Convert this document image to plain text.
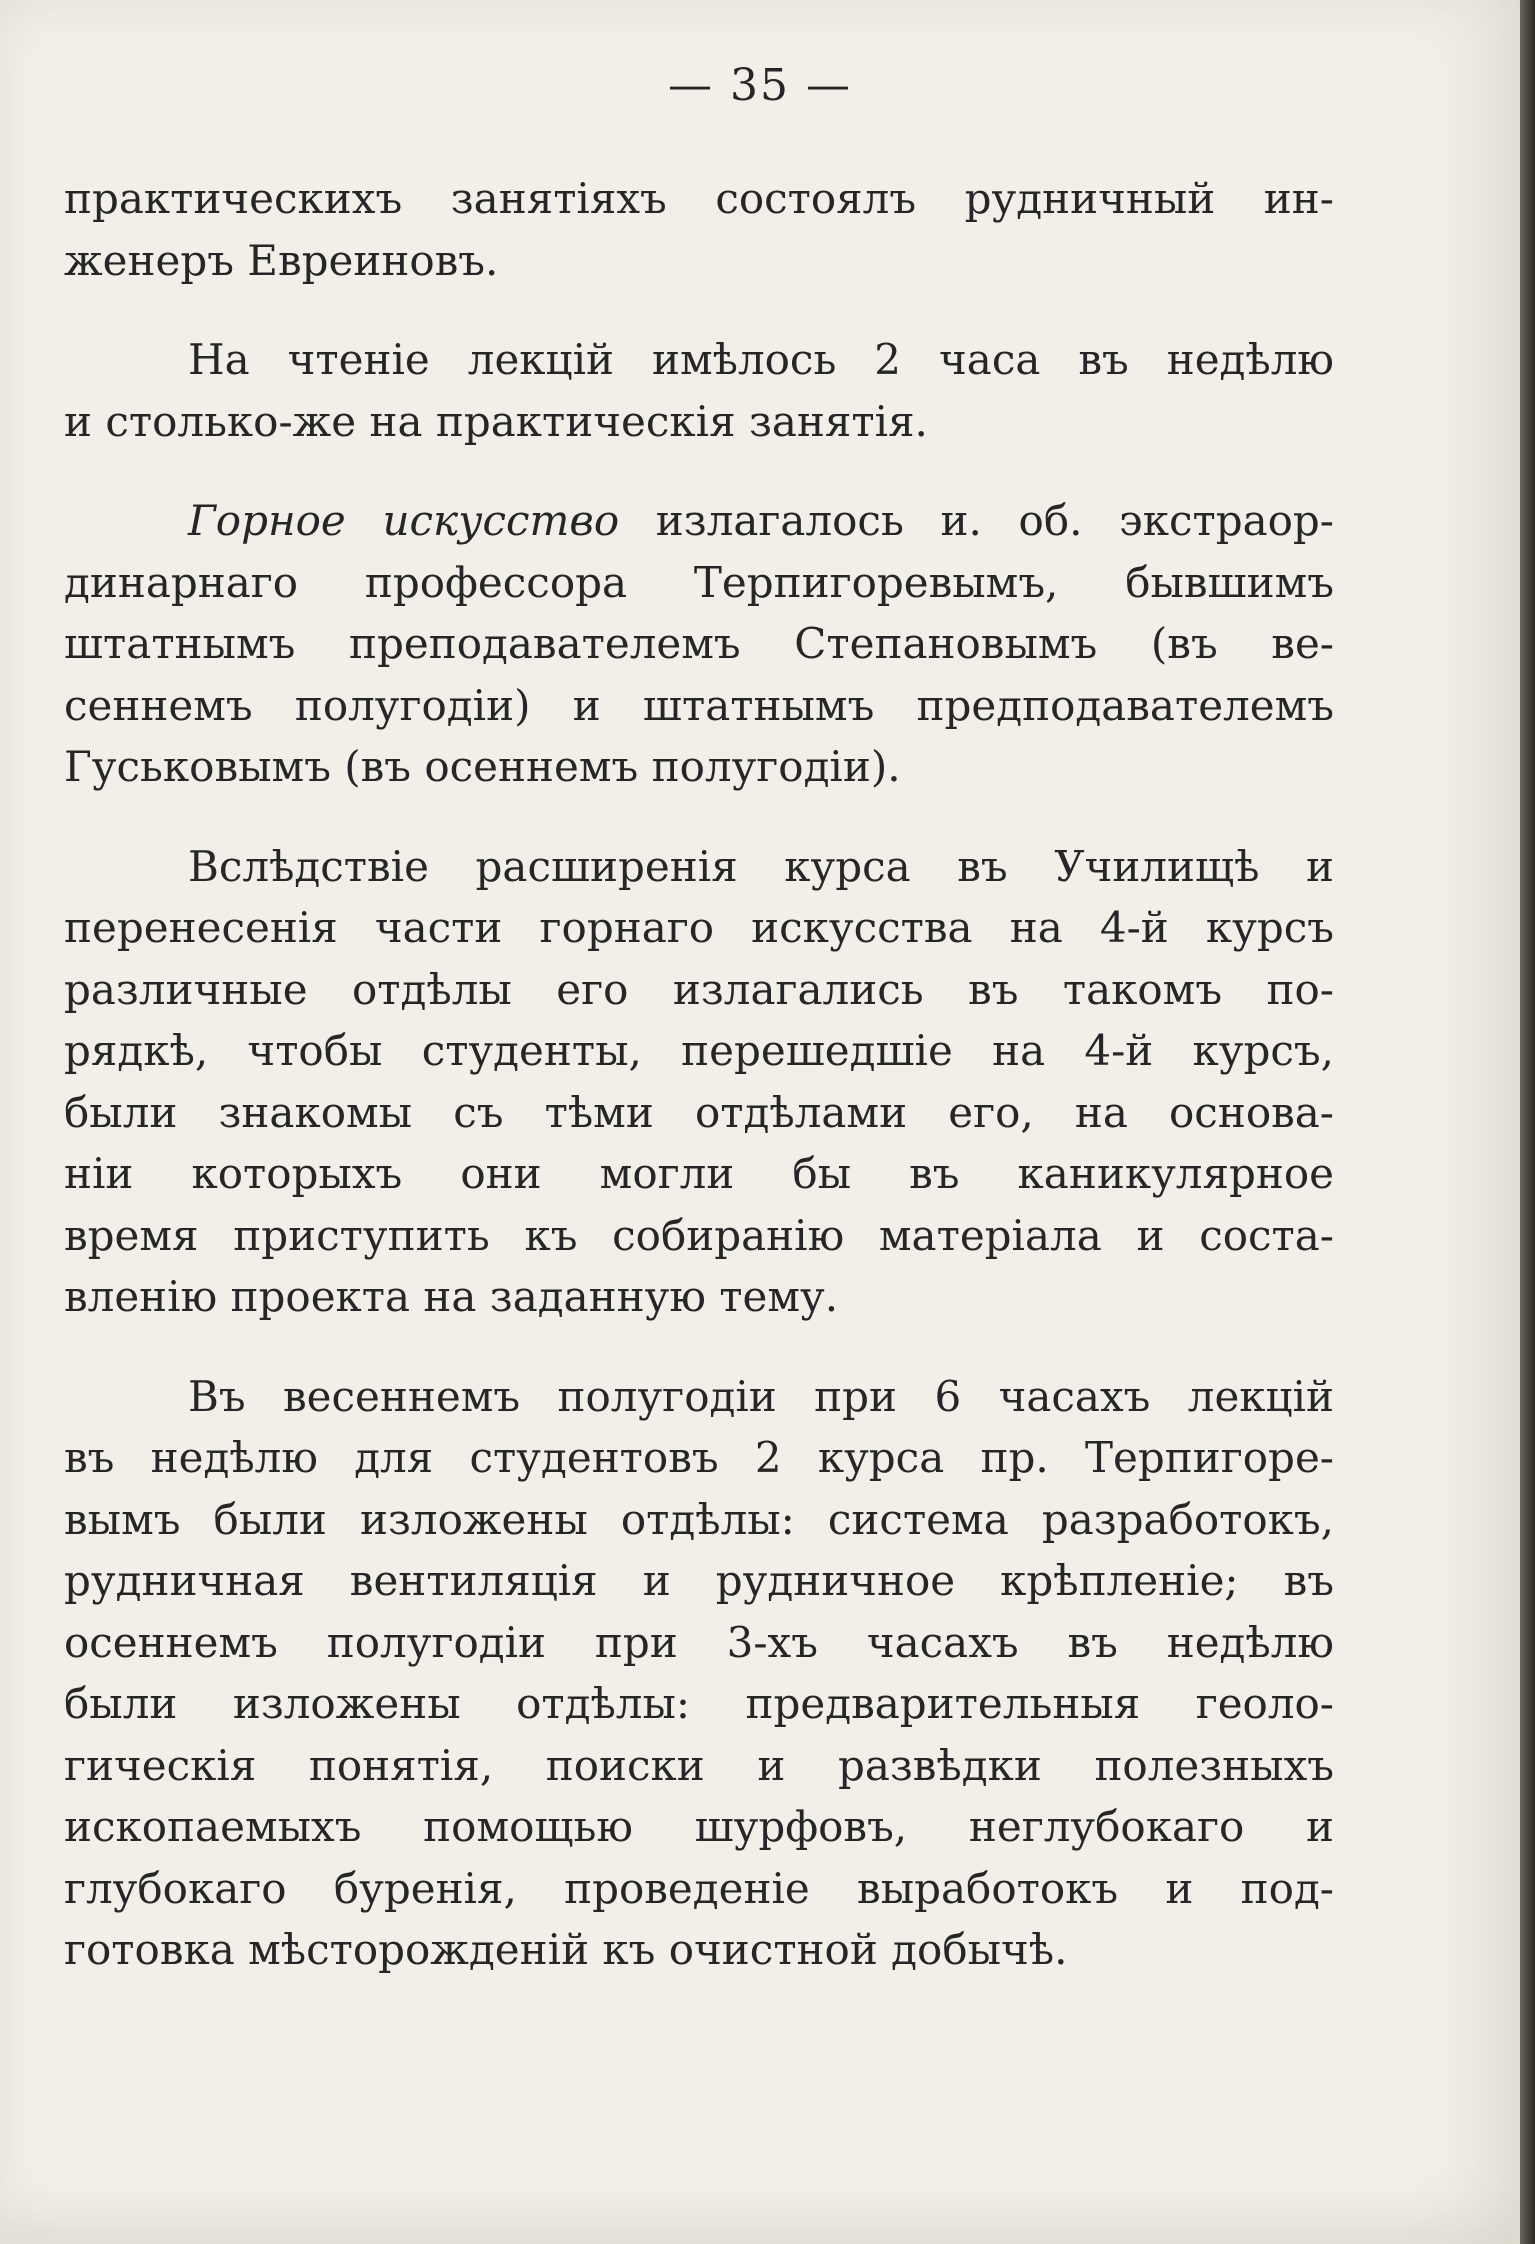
— 35 —
практическихъ занятіяхъ состоялъ рудничный ин-
женеръ Евреиновъ.
На чтеніе лекцій имѣлось 2 часа въ недѣлю
и столько-же на практическія занятія.
Горное искусство излагалось и. об. экстраор-
динарнаго профессора Терпигоревымъ, бывшимъ
штатнымъ преподавателемъ Степановымъ (въ ве-
сеннемъ полугодіи) и штатнымъ предподавателемъ
Гуськовымъ (въ осеннемъ полугодіи).
Вслѣдствіе расширенія курса въ Училищѣ и
перенесенія части горнаго искусства на 4-й курсъ
различные отдѣлы его излагались въ такомъ по-
рядкѣ, чтобы студенты, перешедшіе на 4-й курсъ,
были знакомы съ тѣми отдѣлами его, на основа-
ніи которыхъ они могли бы въ каникулярное
время приступить къ собиранію матеріала и соста-
вленію проекта на заданную тему.
Въ весеннемъ полугодіи при 6 часахъ лекцій
въ недѣлю для студентовъ 2 курса пр. Терпигоре-
вымъ были изложены отдѣлы: система разработокъ,
рудничная вентиляція и рудничное крѣпленіе; въ
осеннемъ полугодіи при 3-хъ часахъ въ недѣлю
были изложены отдѣлы: предварительныя геоло-
гическія понятія, поиски и развѣдки полезныхъ
ископаемыхъ помощью шурфовъ, неглубокаго и
глубокаго буренія, проведеніе выработокъ и под-
готовка мѣсторожденій къ очистной добычѣ.
